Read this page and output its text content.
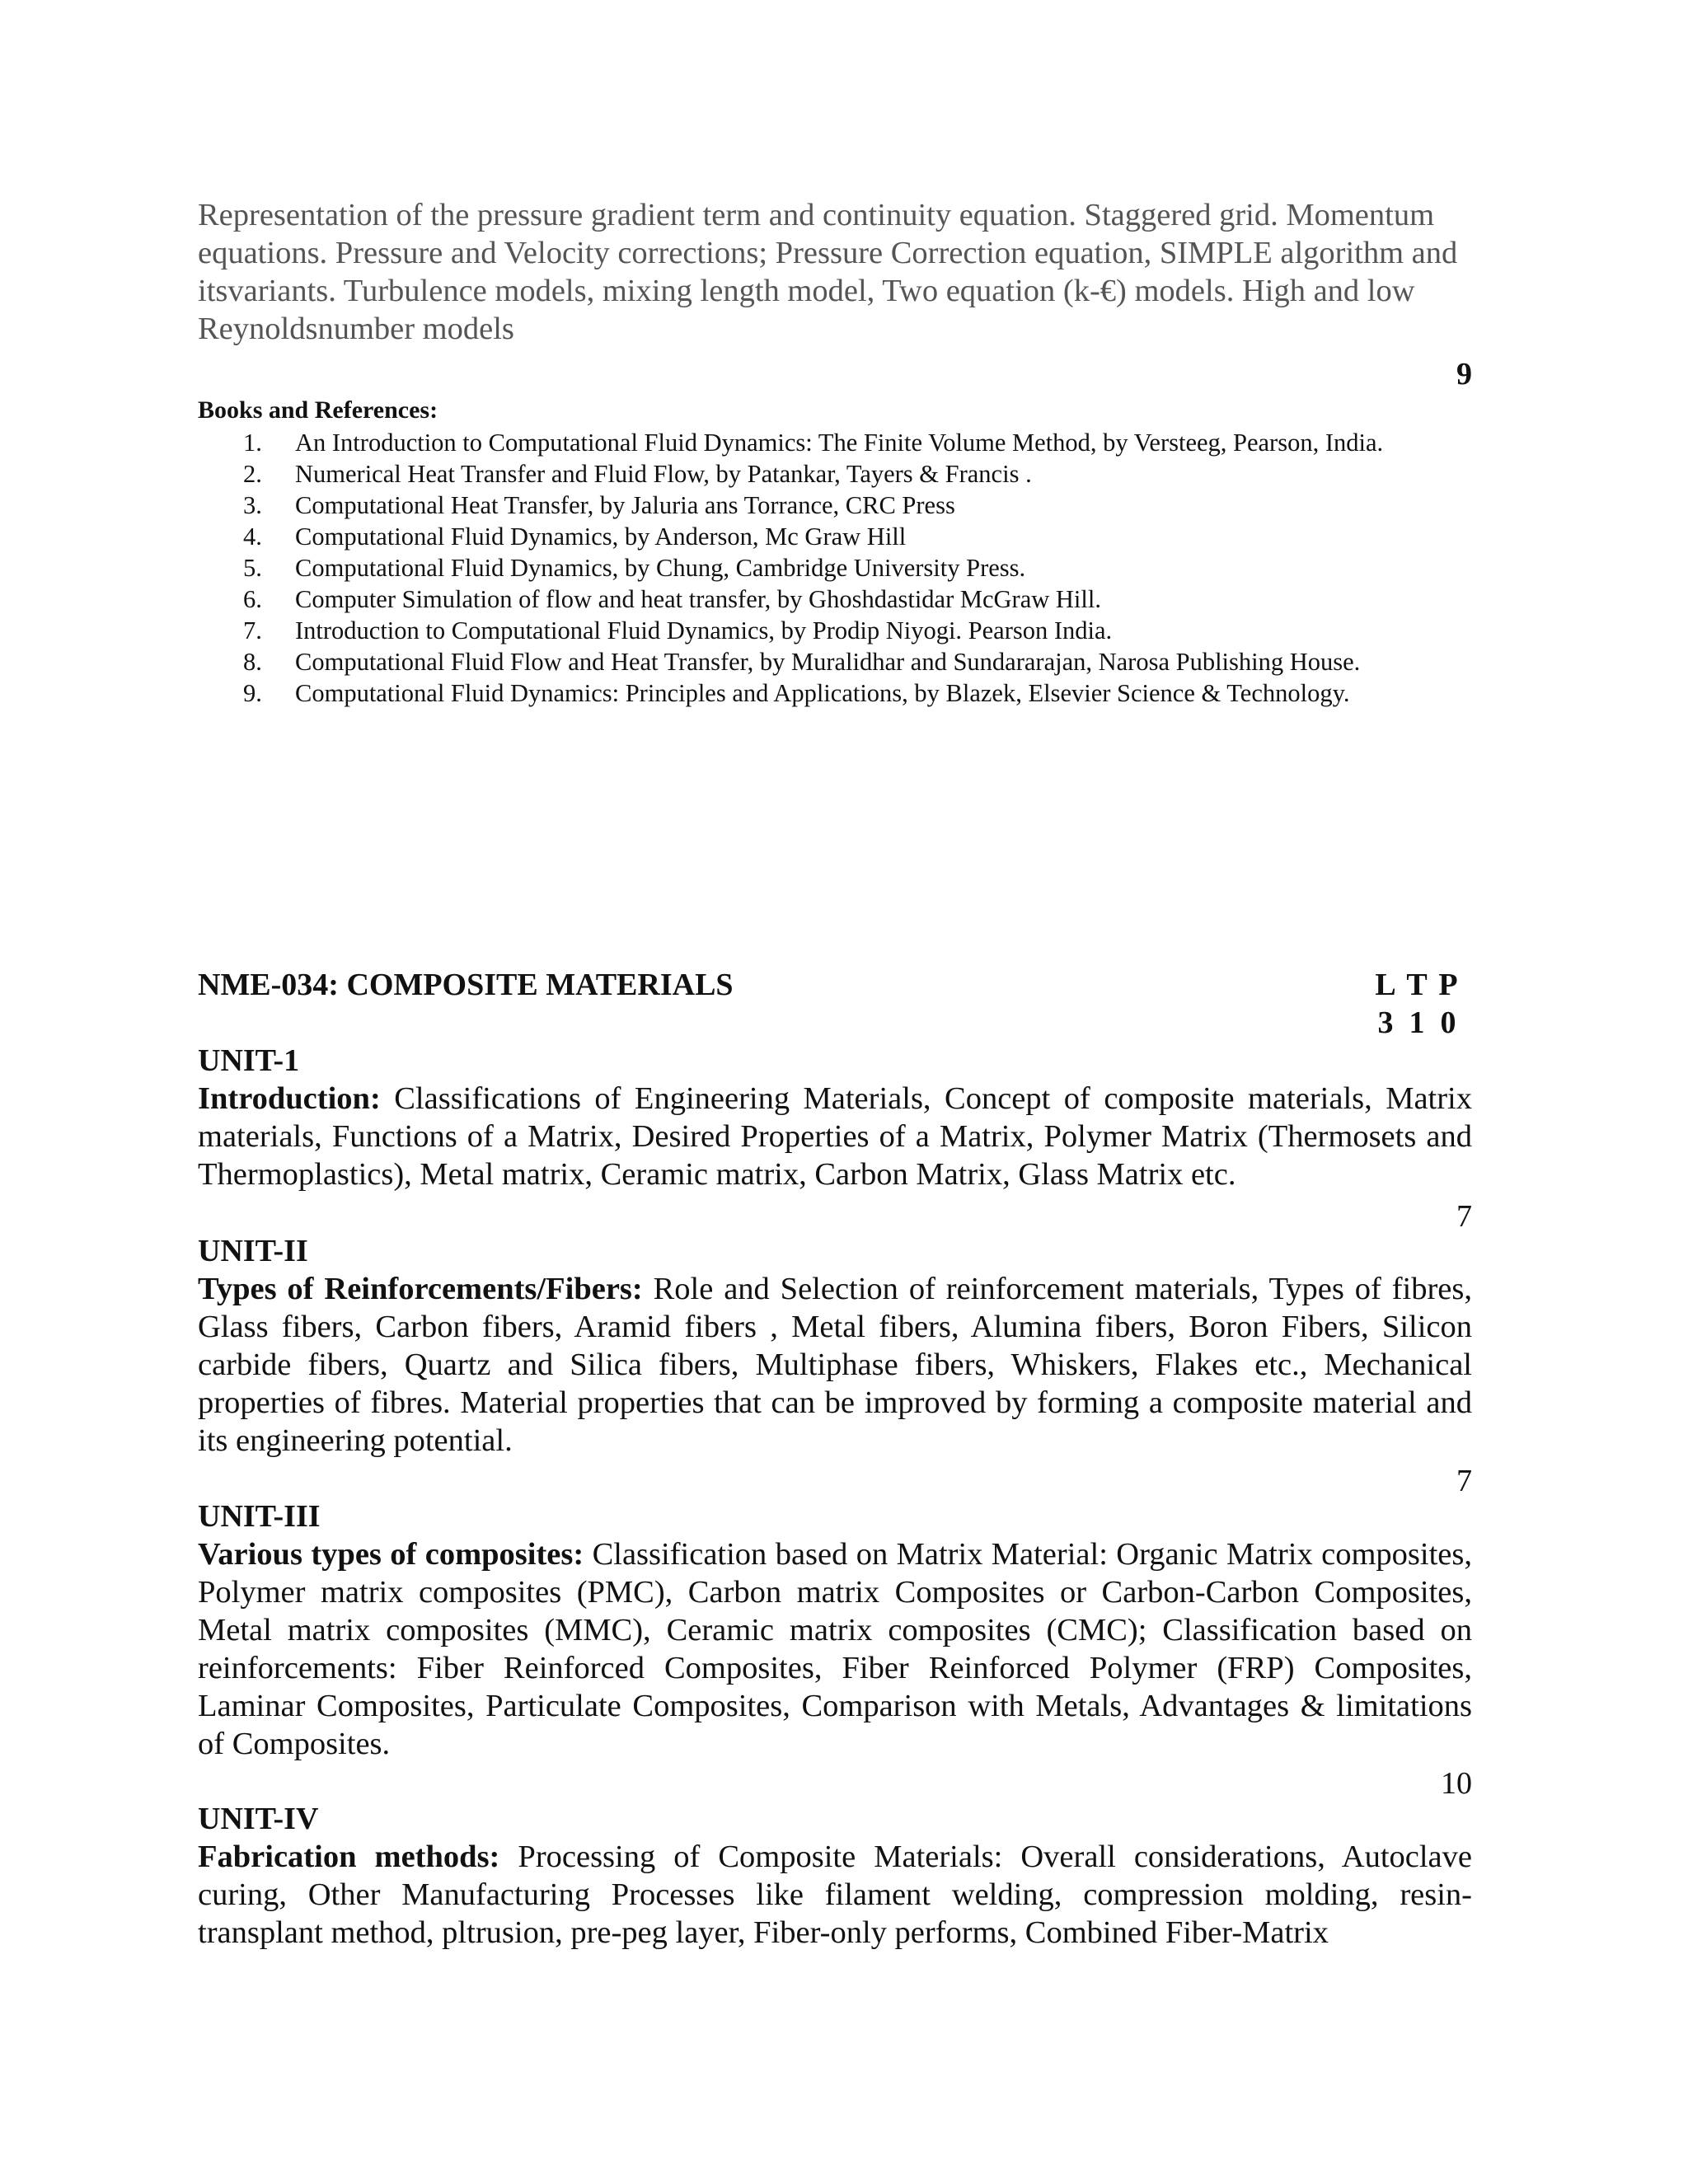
Representation of the pressure gradient term and continuity equation. Staggered grid. Momentum equations. Pressure and Velocity corrections; Pressure Correction equation, SIMPLE algorithm and itsvariants. Turbulence models, mixing length model, Two equation (k-€) models. High and low Reynoldsnumber models

9

Books and References:

1.	An Introduction to Computational Fluid Dynamics: The Finite Volume Method, by Versteeg, Pearson, India.
2.	Numerical Heat Transfer and Fluid Flow, by Patankar, Tayers & Francis .
3.	Computational Heat Transfer, by Jaluria ans Torrance, CRC Press
4.	Computational Fluid Dynamics, by Anderson, Mc Graw Hill
5.	Computational Fluid Dynamics, by Chung, Cambridge University Press.
6.	Computer Simulation of flow and heat transfer, by Ghoshdastidar McGraw Hill.
7.	Introduction to Computational Fluid Dynamics, by Prodip Niyogi. Pearson India.
8.	Computational Fluid Flow and Heat Transfer, by Muralidhar and Sundararajan, Narosa Publishing House.
9.	Computational Fluid Dynamics: Principles and Applications, by Blazek, Elsevier Science & Technology.
NME-034: COMPOSITE MATERIALS	L T P
3 1 0

UNIT-1

Introduction: Classifications of Engineering Materials, Concept of composite materials, Matrix materials, Functions of a Matrix, Desired Properties of a Matrix, Polymer Matrix (Thermosets and Thermoplastics), Metal matrix, Ceramic matrix, Carbon Matrix, Glass Matrix etc.

7

UNIT-II

Types of Reinforcements/Fibers: Role and Selection of reinforcement materials, Types of fibres, Glass fibers, Carbon fibers, Aramid fibers , Metal fibers, Alumina fibers, Boron Fibers, Silicon carbide fibers, Quartz and Silica fibers, Multiphase fibers, Whiskers, Flakes etc., Mechanical properties of fibres. Material properties that can be improved by forming a composite material and its engineering potential.

7

UNIT-III

Various types of composites: Classification based on Matrix Material: Organic Matrix composites, Polymer matrix composites (PMC), Carbon matrix Composites or Carbon-Carbon Composites, Metal matrix composites (MMC), Ceramic matrix composites (CMC); Classification based on reinforcements: Fiber Reinforced Composites, Fiber Reinforced Polymer (FRP) Composites, Laminar Composites, Particulate Composites, Comparison with Metals, Advantages & limitations of Composites.

10

UNIT-IV

Fabrication methods: Processing of Composite Materials: Overall considerations, Autoclave curing, Other Manufacturing Processes like filament welding, compression molding, resin-transplant method, pltrusion, pre-peg layer, Fiber-only performs, Combined Fiber-Matrix
